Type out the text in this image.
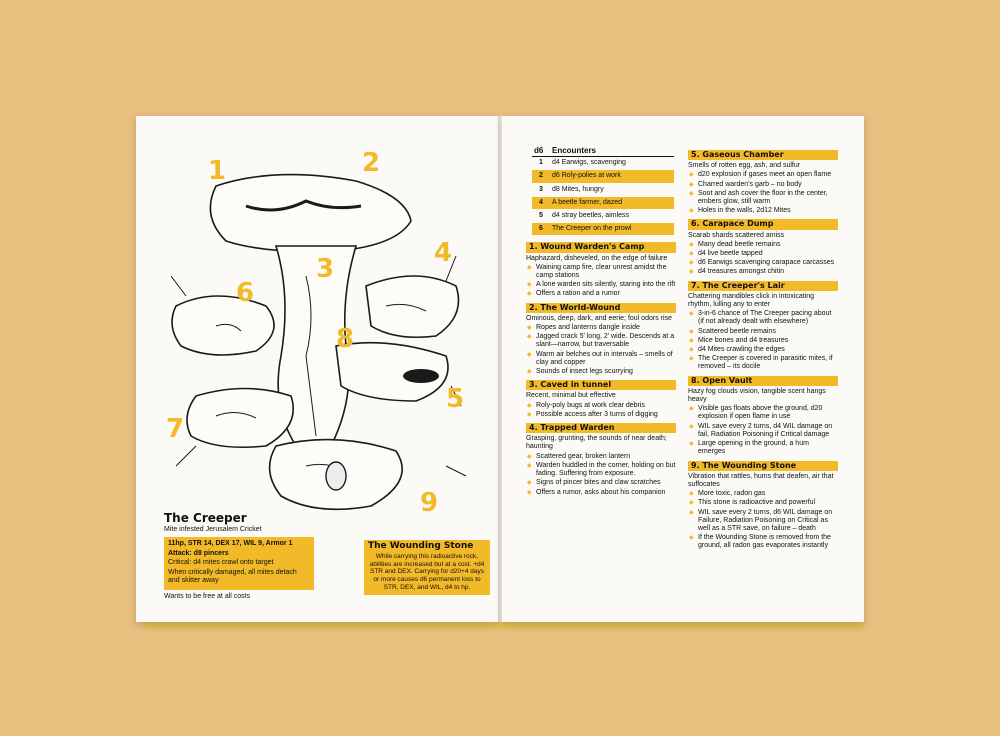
1	2
3
4
5
6
7
8
9
The Creeper
Mite infested Jerusalem Cricket
11hp, STR 14, DEX 17, WIL 9, Armor 1
Attack: d8 pincers
Critical: d4 mites crawl onto target
When critically damaged, all mites detach and skitter away
Wants to be free at all costs
The Wounding Stone
While carrying this radioactive rock, abilities are increased but at a cost. +d4 STR and DEX. Carrying for d20+4 days or more causes d6 permanent loss to STR, DEX, and WIL, d4 to hp.
d6	Encounters
1	d4 Earwigs, scavenging
2	d6 Roly-polies at work
3	d8 Mites, hungry
4	A beetle farmer, dazed
5	d4 stray beetles, aimless
6	The Creeper on the prowl
1. Wound Warden's Camp
Haphazard, disheveled, on the edge of failure
◆ Waining camp fire, clear unrest amidst the camp stations
◆ A lone warden sits silently, staring into the rift
◆ Offers a ration and a rumor
2. The World-Wound
Ominous, deep, dark, and eerie; foul odors rise
◆ Ropes and lanterns dangle inside
◆ Jagged crack 5' long, 2' wide. Descends at a slant—narrow, but traversable
◆ Warm air belches out in intervals – smells of clay and copper
◆ Sounds of insect legs scurrying
3. Caved in tunnel
Recent, minimal but effective
◆ Roly-poly bugs at work clear debris
◆ Possible access after 3 turns of digging
4. Trapped Warden
Grasping, grunting, the sounds of near death; haunting
◆ Scattered gear, broken lantern
◆ Warden huddled in the corner, holding on but fading. Suffering from exposure.
◆ Signs of pincer bites and claw scratches
◆ Offers a rumor, asks about his companion
5. Gaseous Chamber
Smells of rotten egg, ash, and sulfur
◆ d20 explosion if gases meet an open flame
◆ Charred warden's garb – no body
◆ Soot and ash cover the floor in the center, embers glow, still warm
◆ Holes in the walls, 2d12 Mites
6. Carapace Dump
Scarab shards scattered amiss
◆ Many dead beetle remains
◆ d4 live beetle tapped
◆ d6 Earwigs scavenging carapace carcasses
◆ d4 treasures amongst chitin
7. The Creeper's Lair
Chattering mandibles click in intoxicating rhythm, lulling any to enter
◆ 3-in-6 chance of The Creeper pacing about (if not already dealt with elsewhere)
◆ Scattered beetle remains
◆ Mice bones and d4 treasures
◆ d4 Mites crawling the edges
◆ The Creeper is covered in parasitic mites, if removed – its docile
8. Open Vault
Hazy fog clouds vision, tangible scent hangs heavy
◆ Visible gas floats above the ground, d20 explosion if open flame in use
◆ WIL save every 2 turns, d4 WIL damage on fail, Radiation Poisoning if Critical damage
◆ Large opening in the ground, a hum emerges
9. The Wounding Stone
Vibration that rattles, hums that deafen, air that suffocates
◆ More toxic, radon gas
◆ This stone is radioactive and powerful
◆ WIL save every 2 turns, d6 WIL damage on Failure, Radiation Poisoning on Critical as well as a STR save, on failure – death
◆ If the Wounding Stone is removed from the ground, all radon gas evaporates instantly
